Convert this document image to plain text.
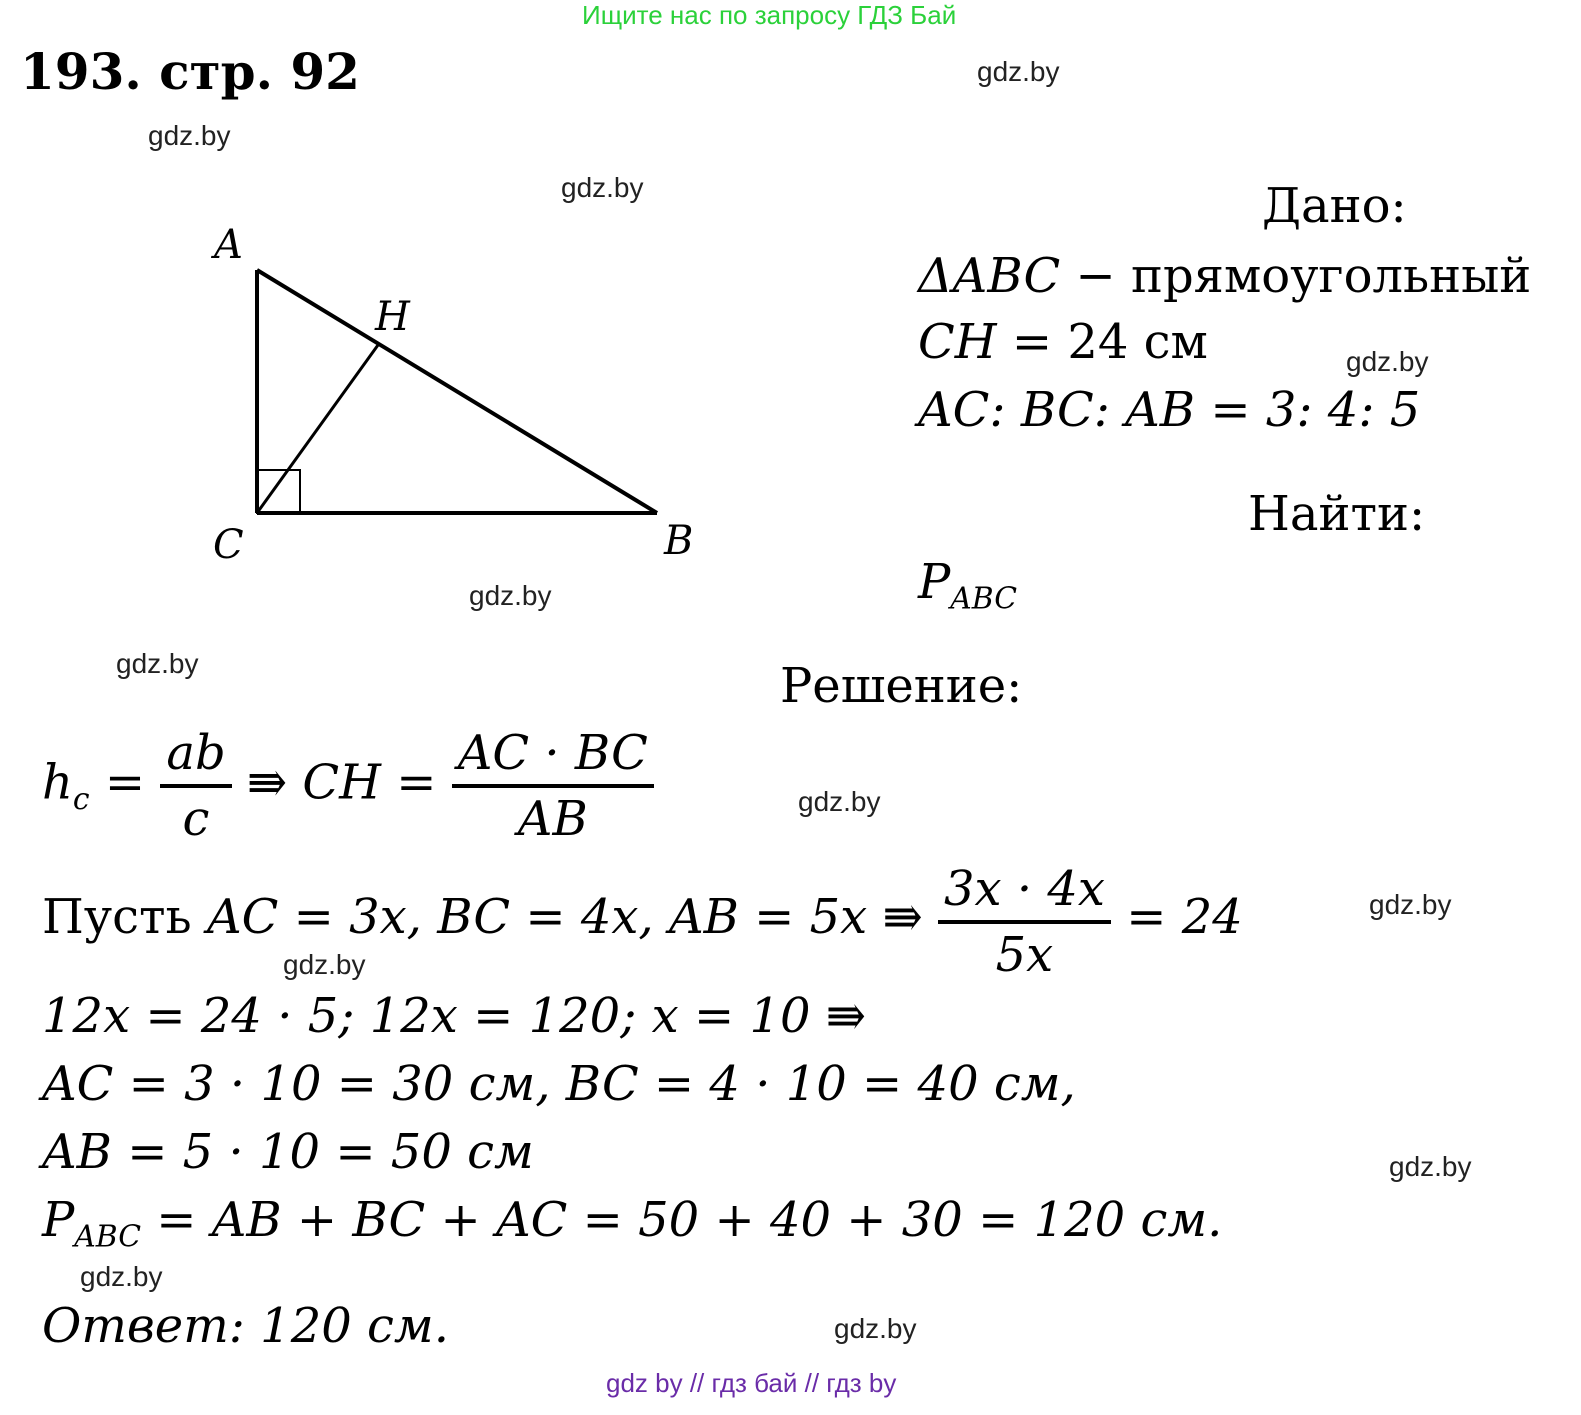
Ищите нас по запросу ГДЗ Бай
193. стр. 92	gdz.by
gdz.by
gdz.by
gdz.by
gdz.by
gdz.by
gdz.by
gdz.by
gdz.by
gdz.by
gdz.by
gdz.by
A
H
C	B
Дано:
ΔABC − прямоугольный
CH = 24 см
AC: BC: AB = 3: 4: 5
Найти:
$P_{ABC}$
Решение:
$h_c = \frac{ab}{c}$ ⇛ CH = $\frac{AC \cdot BC}{AB}$
Пусть AC = 3x, BC = 4x, AB = 5x ⇛ $\frac{3x \cdot 4x}{5x} = 24$
12x = 24 · 5; 12x = 120; x = 10 ⇛
AC = 3 · 10 = 30 см, BC = 4 · 10 = 40 см,
AB = 5 · 10 = 50 см
$P_{ABC}$ = AB + BC + AC = 50 + 40 + 30 = 120 см.
Ответ: 120 см.
gdz by // гдз бай // гдз by
